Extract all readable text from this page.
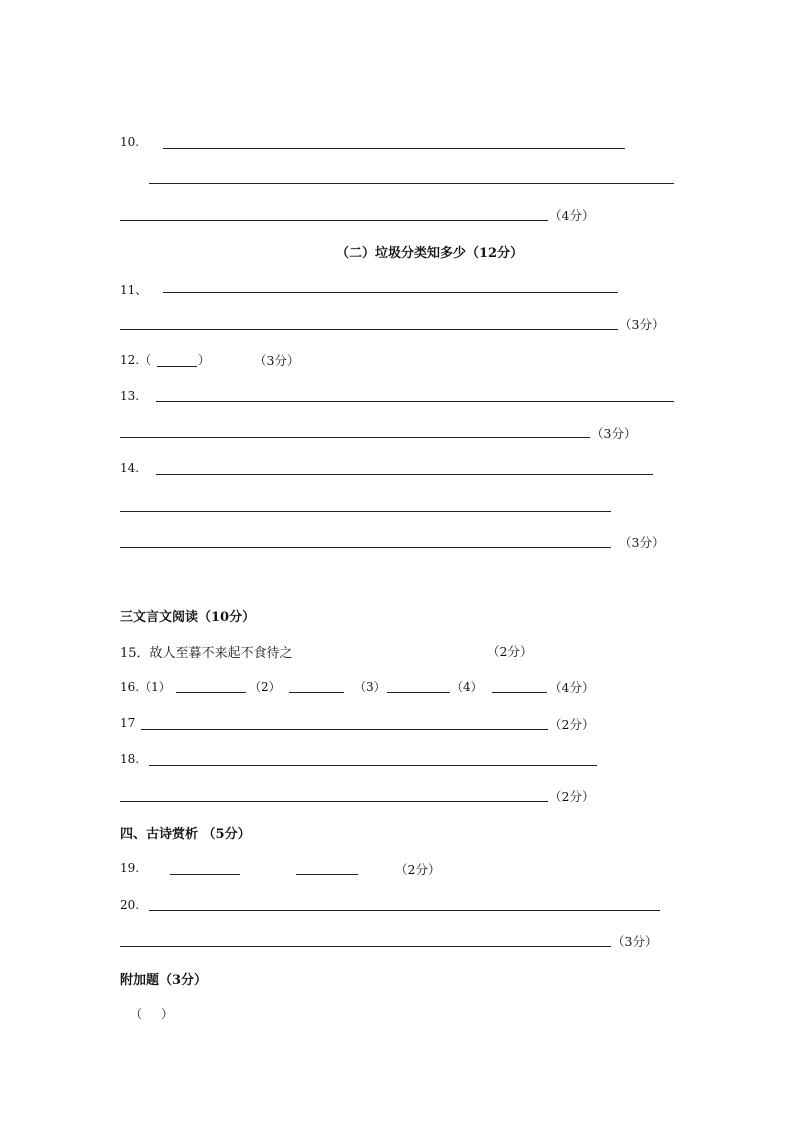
10.
（4分）
（二）垃圾分类知多少（12分）
11、
（3分）
12.（	）	（3分）
13.
（3分）
14.
（3分）
三文言文阅读（10分）
15．故人至暮不来起不食待之	（2分）
16.（1）	（2）	（3）	（4）	（4分）
17	（2分）
18.
（2分）
四、古诗赏析 （5分）
19.	（2分）
20.
（3分）
附加题（3分）
（     ）
